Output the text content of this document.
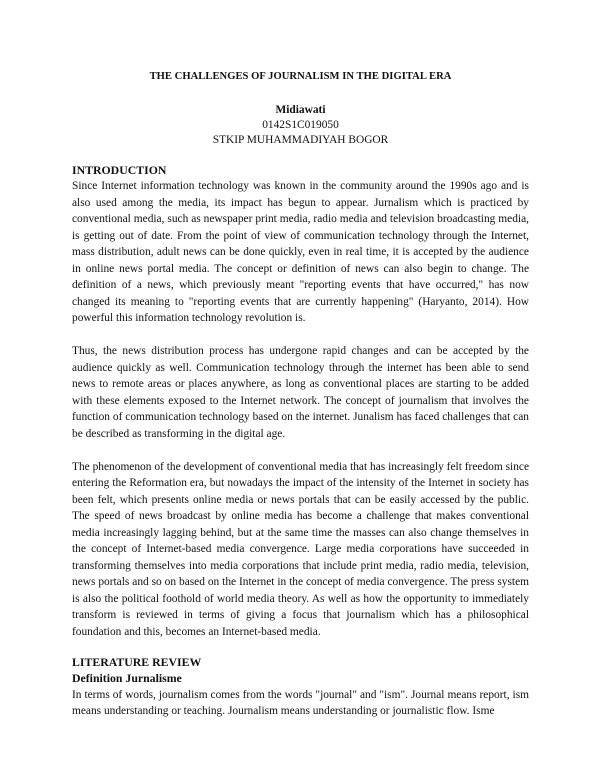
THE CHALLENGES OF JOURNALISM IN THE DIGITAL ERA
Midiawati
0142S1C019050
STKIP MUHAMMADIYAH BOGOR
INTRODUCTION

Since Internet information technology was known in the community around the 1990s ago and is also used among the media, its impact has begun to appear. Jurnalism which is practiced by conventional media, such as newspaper print media, radio media and television broadcasting media, is getting out of date. From the point of view of communication technology through the Internet, mass distribution, adult news can be done quickly, even in real time, it is accepted by the audience in online news portal media. The concept or definition of news can also begin to change. The definition of a news, which previously meant "reporting events that have occurred," has now changed its meaning to "reporting events that are currently happening" (Haryanto, 2014). How powerful this information technology revolution is.

Thus, the news distribution process has undergone rapid changes and can be accepted by the audience quickly as well. Communication technology through the internet has been able to send news to remote areas or places anywhere, as long as conventional places are starting to be added with these elements exposed to the Internet network. The concept of journalism that involves the function of communication technology based on the internet. Junalism has faced challenges that can be described as transforming in the digital age.

The phenomenon of the development of conventional media that has increasingly felt freedom since entering the Reformation era, but nowadays the impact of the intensity of the Internet in society has been felt, which presents online media or news portals that can be easily accessed by the public. The speed of news broadcast by online media has become a challenge that makes conventional media increasingly lagging behind, but at the same time the masses can also change themselves in the concept of Internet-based media convergence. Large media corporations have succeeded in transforming themselves into media corporations that include print media, radio media, television, news portals and so on based on the Internet in the concept of media convergence. The press system is also the political foothold of world media theory. As well as how the opportunity to immediately transform is reviewed in terms of giving a focus that journalism which has a philosophical foundation and this, becomes an Internet-based media.

LITERATURE REVIEW
Definition Jurnalisme

In terms of words, journalism comes from the words "journal" and "ism". Journal means report, ism means understanding or teaching. Journalism means understanding or journalistic flow. Isme
